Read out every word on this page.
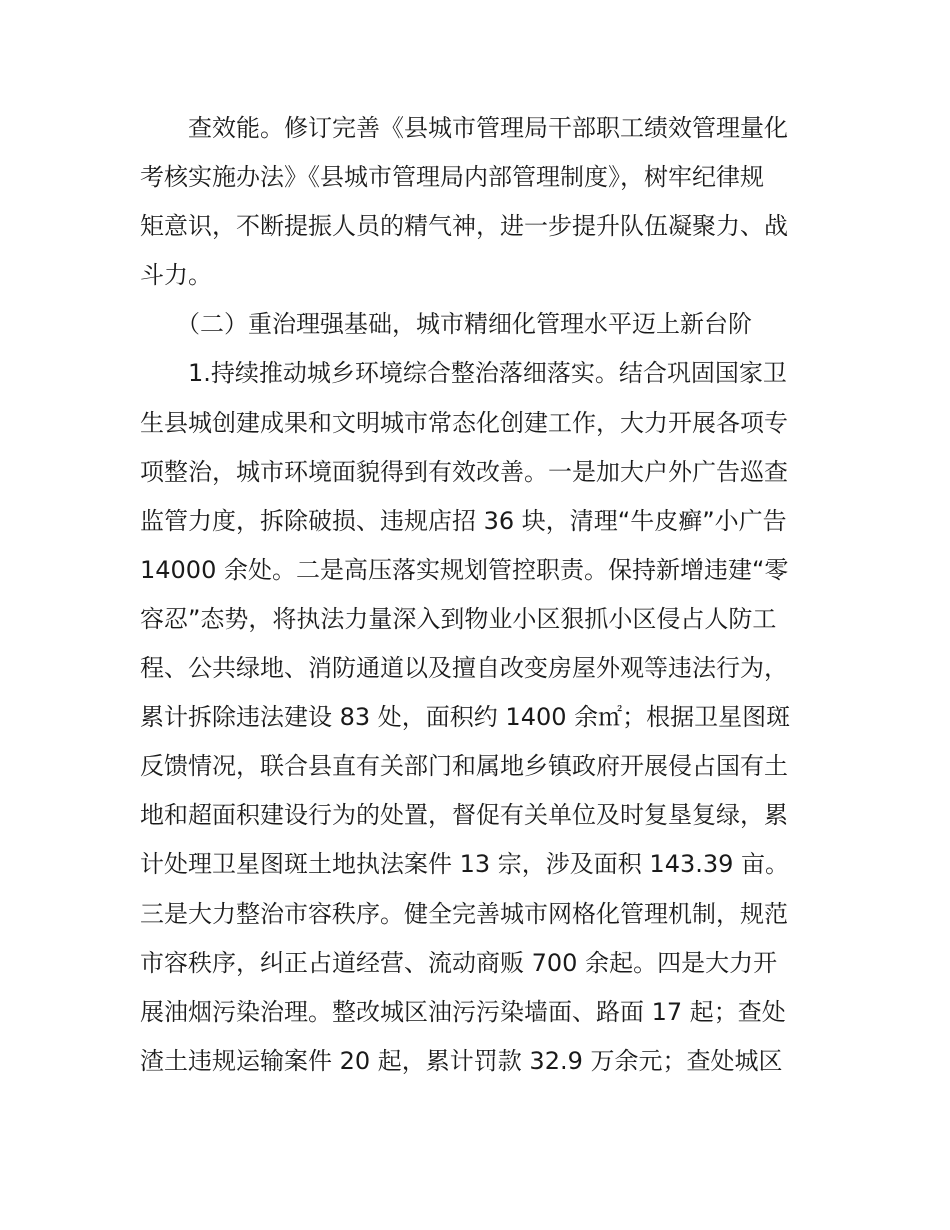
　　查效能。修订完善《县城市管理局干部职工绩效管理量化
考核实施办法》《县城市管理局内部管理制度》，树牢纪律规
矩意识，不断提振人员的精气神，进一步提升队伍凝聚力、战
斗力。
　　（二）重治理强基础，城市精细化管理水平迈上新台阶
　　1.持续推动城乡环境综合整治落细落实。结合巩固国家卫
生县城创建成果和文明城市常态化创建工作，大力开展各项专
项整治，城市环境面貌得到有效改善。一是加大户外广告巡查
监管力度，拆除破损、违规店招 36 块，清理“牛皮癣”小广告
14000 余处。二是高压落实规划管控职责。保持新增违建“零
容忍”态势，将执法力量深入到物业小区狠抓小区侵占人防工
程、公共绿地、消防通道以及擅自改变房屋外观等违法行为，
累计拆除违法建设 83 处，面积约 1400 余㎡；根据卫星图斑
反馈情况，联合县直有关部门和属地乡镇政府开展侵占国有土
地和超面积建设行为的处置，督促有关单位及时复垦复绿，累
计处理卫星图斑土地执法案件 13 宗，涉及面积 143.39 亩。
三是大力整治市容秩序。健全完善城市网格化管理机制，规范
市容秩序，纠正占道经营、流动商贩 700 余起。四是大力开
展油烟污染治理。整改城区油污污染墙面、路面 17 起；查处
渣土违规运输案件 20 起，累计罚款 32.9 万余元；查处城区
